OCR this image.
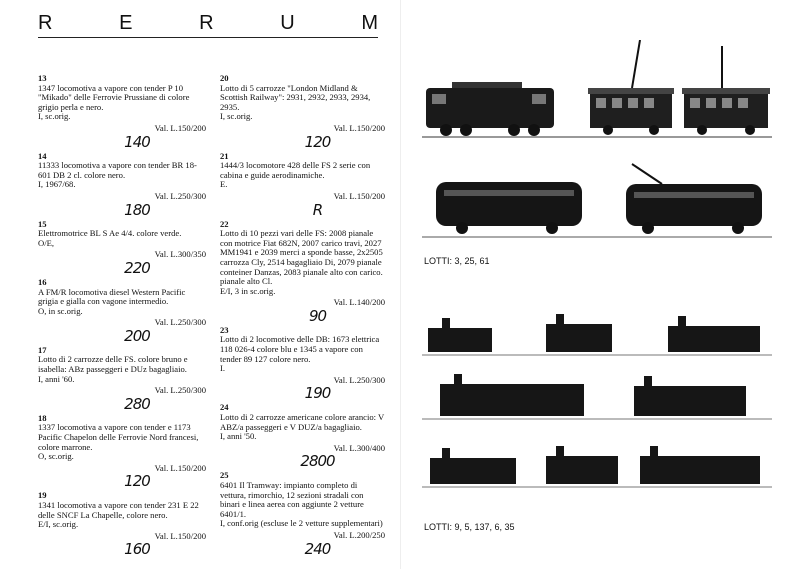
R	E	R	U	M
13
1347 locomotiva a vapore con tender P 10 "Mikado" delle Ferrovie Prussiane di colore grigio perla e nero.
I, sc.orig.
Val. L.150/200
140
14
11333 locomotiva a vapore con tender BR 18-601 DB 2 cl. colore nero.
I, 1967/68.
Val. L.250/300
180
15
Elettromotrice BL S Ae 4/4. colore verde.
O/E,
Val. L.300/350
220
16
A FM/R locomotiva diesel Western Pacific grigia e gialla con vagone intermedio.
O, in sc.orig.
Val. L.250/300
200
17
Lotto di 2 carrozze delle FS. colore bruno e isabella: ABz passeggeri e DUz bagagliaio.
I, anni '60.
Val. L.250/300
280
18
1337 locomotiva a vapore con tender e 1173 Pacific Chapelon delle Ferrovie Nord francesi, colore marrone.
O, sc.orig.
Val. L.150/200
120
19
1341 locomotiva a vapore con tender 231 E 22 delle SNCF La Chapelle, colore nero.
E/I, sc.orig.
Val. L.150/200
160
20
Lotto di 5 carrozze "London Midland & Scottish Railway": 2931, 2932, 2933, 2934, 2935.
I, sc.orig.
Val. L.150/200
120
21
1444/3 locomotore 428 delle FS 2 serie con cabina e guide aerodinamiche.
E.
Val. L.150/200
R
22
Lotto di 10 pezzi vari delle FS: 2008 pianale con motrice Fiat 682N, 2007 carico travi, 2027 MM1941 e 2039 merci a sponde basse, 2x2505 carrozza Cly, 2514 bagagliaio Di, 2079 pianale conteiner Danzas, 2083 pianale alto con carico. pianale alto Cl.
E/I, 3 in sc.orig.
Val. L.140/200
90
23
Lotto di 2 locomotive delle DB: 1673 elettrica 118 026-4 colore blu e 1345 a vapore con tender 89 127 colore nero.
I.
Val. L.250/300
190
24
Lotto di 2 carrozze americane colore arancio: V ABZ/a passeggeri e V DUZ/a bagagliaio.
I, anni '50.
Val. L.300/400
2800
25
6401 Il Tramway: impianto completo di vettura, rimorchio, 12 sezioni stradali con binari e linea aerea con aggiunte 2 vetture 6401/1.
I, conf.orig (escluse le 2 vetture supplementari)
Val. L.200/250
240
LOTTI: 3, 25, 61
LOTTI: 9, 5, 137, 6, 35
